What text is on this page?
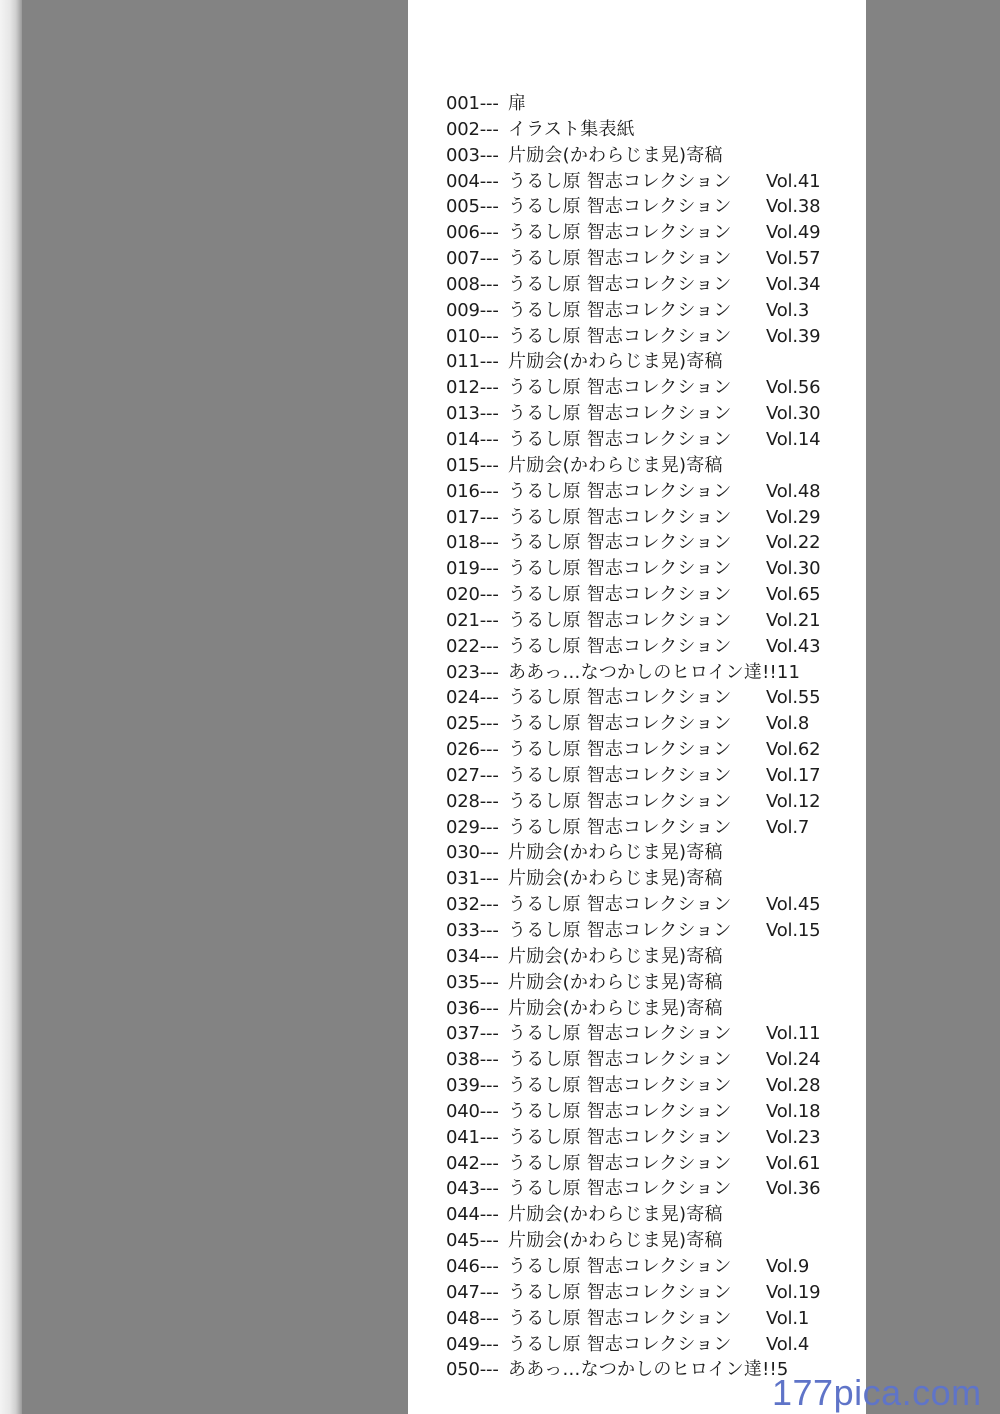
001--- 扉
002--- イラスト集表紙
003--- 片励会(かわらじま晃)寄稿
004--- うるし原 智志コレクション Vol.41
005--- うるし原 智志コレクション Vol.38
006--- うるし原 智志コレクション Vol.49
007--- うるし原 智志コレクション Vol.57
008--- うるし原 智志コレクション Vol.34
009--- うるし原 智志コレクション Vol.3
010--- うるし原 智志コレクション Vol.39
011--- 片励会(かわらじま晃)寄稿
012--- うるし原 智志コレクション Vol.56
013--- うるし原 智志コレクション Vol.30
014--- うるし原 智志コレクション Vol.14
015--- 片励会(かわらじま晃)寄稿
016--- うるし原 智志コレクション Vol.48
017--- うるし原 智志コレクション Vol.29
018--- うるし原 智志コレクション Vol.22
019--- うるし原 智志コレクション Vol.30
020--- うるし原 智志コレクション Vol.65
021--- うるし原 智志コレクション Vol.21
022--- うるし原 智志コレクション Vol.43
023--- ああっ…なつかしのヒロイン達!!11
024--- うるし原 智志コレクション Vol.55
025--- うるし原 智志コレクション Vol.8
026--- うるし原 智志コレクション Vol.62
027--- うるし原 智志コレクション Vol.17
028--- うるし原 智志コレクション Vol.12
029--- うるし原 智志コレクション Vol.7
030--- 片励会(かわらじま晃)寄稿
031--- 片励会(かわらじま晃)寄稿
032--- うるし原 智志コレクション Vol.45
033--- うるし原 智志コレクション Vol.15
034--- 片励会(かわらじま晃)寄稿
035--- 片励会(かわらじま晃)寄稿
036--- 片励会(かわらじま晃)寄稿
037--- うるし原 智志コレクション Vol.11
038--- うるし原 智志コレクション Vol.24
039--- うるし原 智志コレクション Vol.28
040--- うるし原 智志コレクション Vol.18
041--- うるし原 智志コレクション Vol.23
042--- うるし原 智志コレクション Vol.61
043--- うるし原 智志コレクション Vol.36
044--- 片励会(かわらじま晃)寄稿
045--- 片励会(かわらじま晃)寄稿
046--- うるし原 智志コレクション Vol.9
047--- うるし原 智志コレクション Vol.19
048--- うるし原 智志コレクション Vol.1
049--- うるし原 智志コレクション Vol.4
050--- ああっ…なつかしのヒロイン達!!5
177pica.com
